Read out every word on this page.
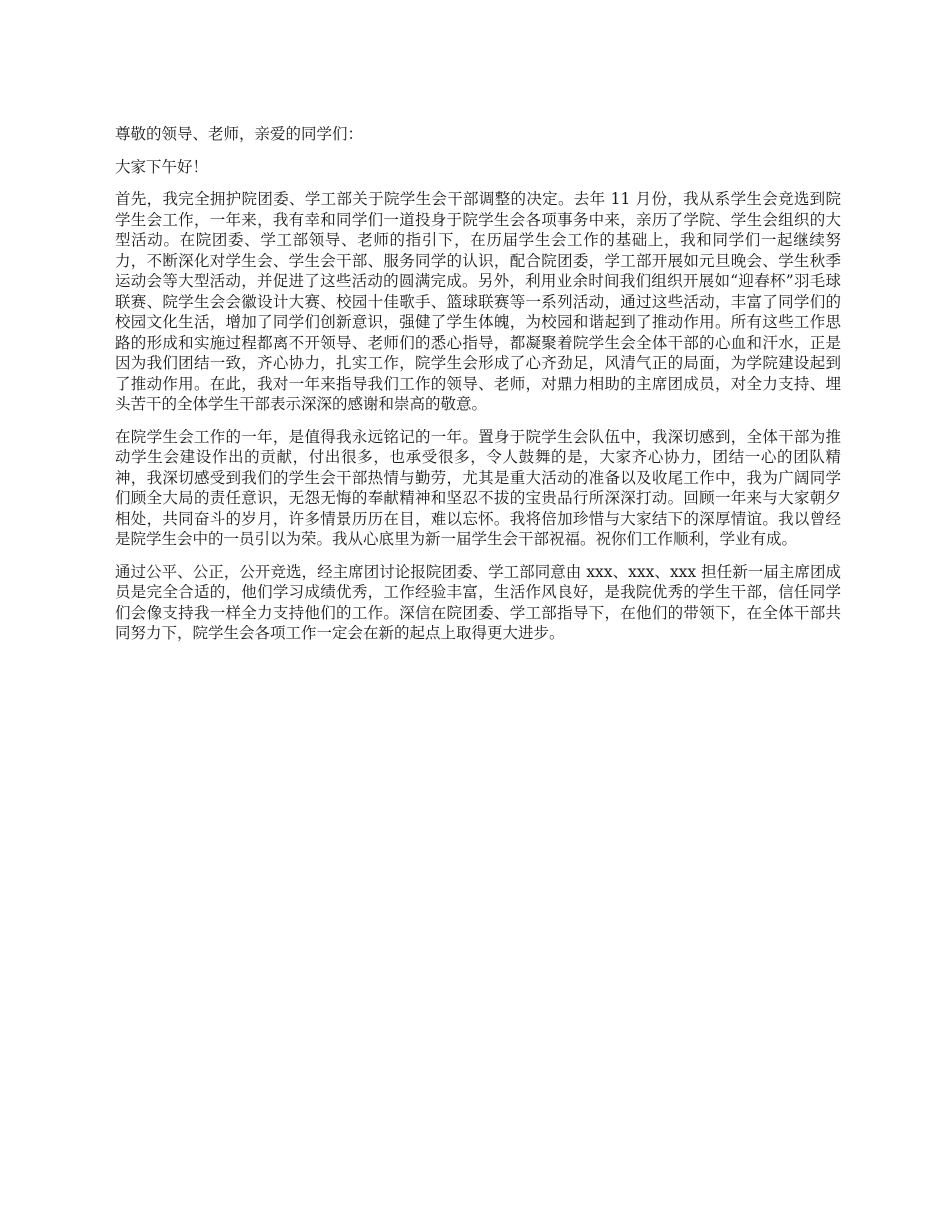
尊敬的领导、老师，亲爱的同学们：

大家下午好！

首先，我完全拥护院团委、学工部关于院学生会干部调整的决定。去年 11 月份，我从系学生会竞选到院学生会工作，一年来，我有幸和同学们一道投身于院学生会各项事务中来，亲历了学院、学生会组织的大型活动。在院团委、学工部领导、老师的指引下，在历届学生会工作的基础上，我和同学们一起继续努力，不断深化对学生会、学生会干部、服务同学的认识，配合院团委，学工部开展如元旦晚会、学生秋季运动会等大型活动，并促进了这些活动的圆满完成。另外，利用业余时间我们组织开展如“迎春杯”羽毛球联赛、院学生会会徽设计大赛、校园十佳歌手、篮球联赛等一系列活动，通过这些活动，丰富了同学们的校园文化生活，增加了同学们创新意识，强健了学生体魄，为校园和谐起到了推动作用。所有这些工作思路的形成和实施过程都离不开领导、老师们的悉心指导，都凝聚着院学生会全体干部的心血和汗水，正是因为我们团结一致，齐心协力，扎实工作，院学生会形成了心齐劲足，风清气正的局面，为学院建设起到了推动作用。在此，我对一年来指导我们工作的领导、老师，对鼎力相助的主席团成员，对全力支持、埋头苦干的全体学生干部表示深深的感谢和崇高的敬意。

在院学生会工作的一年，是值得我永远铭记的一年。置身于院学生会队伍中，我深切感到，全体干部为推动学生会建设作出的贡献，付出很多，也承受很多，令人鼓舞的是，大家齐心协力，团结一心的团队精神，我深切感受到我们的学生会干部热情与勤劳，尤其是重大活动的准备以及收尾工作中，我为广阔同学们顾全大局的责任意识，无怨无悔的奉献精神和坚忍不拔的宝贵品行所深深打动。回顾一年来与大家朝夕相处，共同奋斗的岁月，许多情景历历在目，难以忘怀。我将倍加珍惜与大家结下的深厚情谊。我以曾经是院学生会中的一员引以为荣。我从心底里为新一届学生会干部祝福。祝你们工作顺利，学业有成。

通过公平、公正，公开竞选，经主席团讨论报院团委、学工部同意由 xxx、xxx、xxx 担任新一届主席团成员是完全合适的，他们学习成绩优秀，工作经验丰富，生活作风良好，是我院优秀的学生干部，信任同学们会像支持我一样全力支持他们的工作。深信在院团委、学工部指导下，在他们的带领下，在全体干部共同努力下，院学生会各项工作一定会在新的起点上取得更大进步。
